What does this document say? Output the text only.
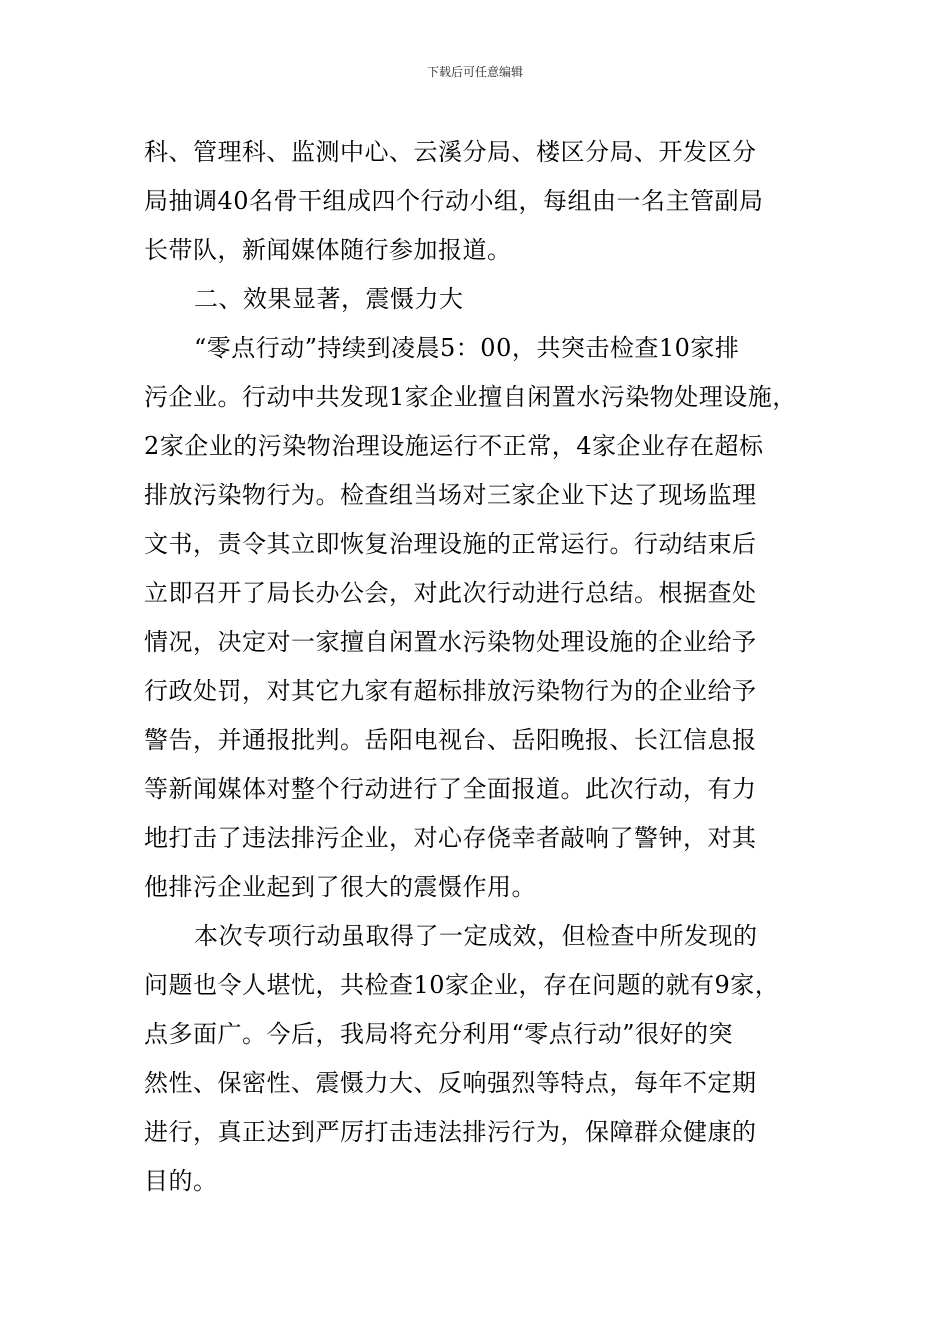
下载后可任意编辑
科、管理科、监测中心、云溪分局、楼区分局、开发区分
局抽调40名骨干组成四个行动小组，每组由一名主管副局
长带队，新闻媒体随行参加报道。
二、效果显著，震慑力大
“零点行动”持续到凌晨5：00，共突击检查10家排
污企业。行动中共发现1家企业擅自闲置水污染物处理设施，
2家企业的污染物治理设施运行不正常，4家企业存在超标
排放污染物行为。检查组当场对三家企业下达了现场监理
文书，责令其立即恢复治理设施的正常运行。行动结束后
立即召开了局长办公会，对此次行动进行总结。根据查处
情况，决定对一家擅自闲置水污染物处理设施的企业给予
行政处罚，对其它九家有超标排放污染物行为的企业给予
警告，并通报批判。岳阳电视台、岳阳晚报、长江信息报
等新闻媒体对整个行动进行了全面报道。此次行动，有力
地打击了违法排污企业，对心存侥幸者敲响了警钟，对其
他排污企业起到了很大的震慑作用。
本次专项行动虽取得了一定成效，但检查中所发现的
问题也令人堪忧，共检查10家企业，存在问题的就有9家，
点多面广。今后，我局将充分利用“零点行动”很好的突
然性、保密性、震慑力大、反响强烈等特点，每年不定期
进行，真正达到严厉打击违法排污行为，保障群众健康的
目的。
